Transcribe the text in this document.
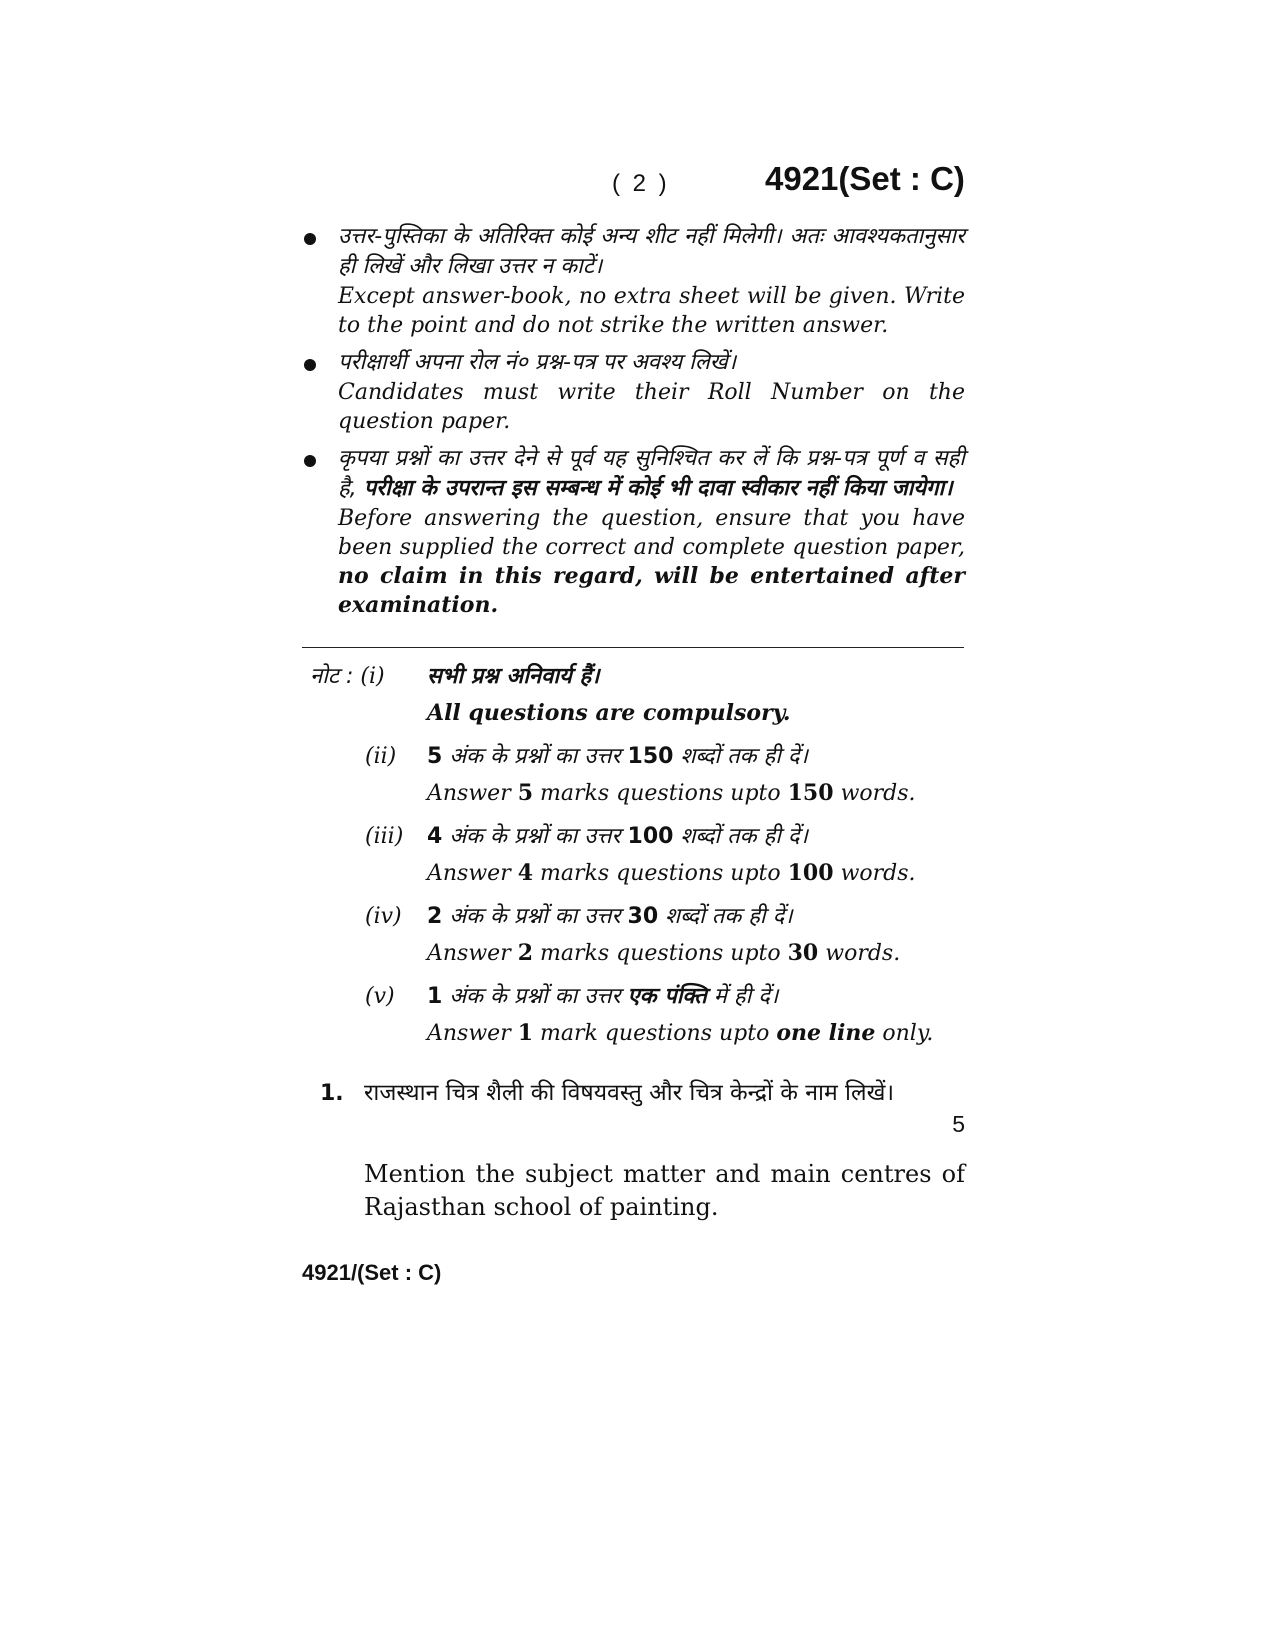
( 2 )	4921(Set : C)
उत्तर-पुस्तिका के अतिरिक्त कोई अन्य शीट नहीं मिलेगी। अतः आवश्यकतानुसार ही लिखें और लिखा उत्तर न काटें।
Except answer-book, no extra sheet will be given. Write to the point and do not strike the written answer.
परीक्षार्थी अपना रोल नं० प्रश्न-पत्र पर अवश्य लिखें।
Candidates must write their Roll Number on the question paper.
कृपया प्रश्नों का उत्तर देने से पूर्व यह सुनिश्चित कर लें कि प्रश्न-पत्र पूर्ण व सही है, परीक्षा के उपरान्त इस सम्बन्ध में कोई भी दावा स्वीकार नहीं किया जायेगा।
Before answering the question, ensure that you have been supplied the correct and complete question paper, no claim in this regard, will be entertained after examination.
नोट : (i)	सभी प्रश्न अनिवार्य हैं।
All questions are compulsory.
(ii)	5 अंक के प्रश्नों का उत्तर 150 शब्दों तक ही दें।
Answer 5 marks questions upto 150 words.
(iii)	4 अंक के प्रश्नों का उत्तर 100 शब्दों तक ही दें।
Answer 4 marks questions upto 100 words.
(iv)	2 अंक के प्रश्नों का उत्तर 30 शब्दों तक ही दें।
Answer 2 marks questions upto 30 words.
(v)	1 अंक के प्रश्नों का उत्तर एक पंक्ति में ही दें।
Answer 1 mark questions upto one line only.
1. राजस्थान चित्र शैली की विषयवस्तु और चित्र केन्द्रों के नाम लिखें।
5
Mention the subject matter and main centres of Rajasthan school of painting.
4921/(Set : C)
